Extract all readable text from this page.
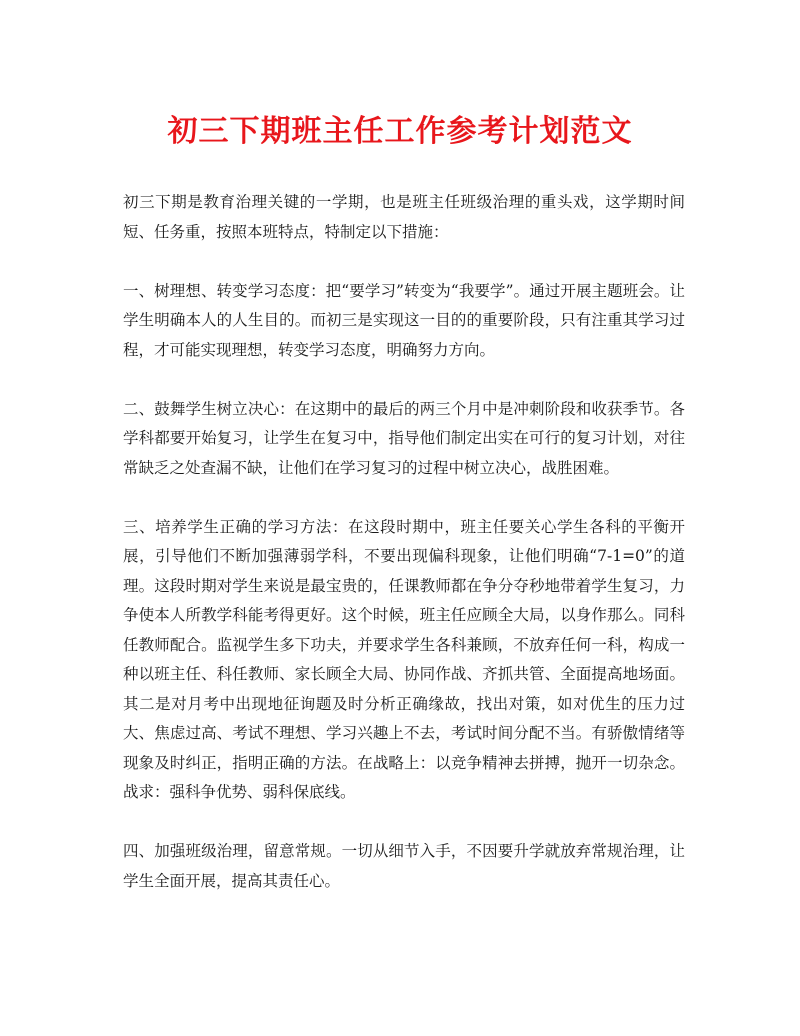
初三下期班主任工作参考计划范文

初三下期是教育治理关键的一学期，也是班主任班级治理的重头戏，这学期时间短、任务重，按照本班特点，特制定以下措施：

一、树理想、转变学习态度：把“要学习”转变为“我要学”。通过开展主题班会。让学生明确本人的人生目的。而初三是实现这一目的的重要阶段，只有注重其学习过程，才可能实现理想，转变学习态度，明确努力方向。

二、鼓舞学生树立决心：在这期中的最后的两三个月中是冲刺阶段和收获季节。各学科都要开始复习，让学生在复习中，指导他们制定出实在可行的复习计划，对往常缺乏之处查漏不缺，让他们在学习复习的过程中树立决心，战胜困难。

三、培养学生正确的学习方法：在这段时期中，班主任要关心学生各科的平衡开展，引导他们不断加强薄弱学科，不要出现偏科现象，让他们明确“7-1=0”的道理。这段时期对学生来说是最宝贵的，任课教师都在争分夺秒地带着学生复习，力争使本人所教学科能考得更好。这个时候，班主任应顾全大局，以身作那么。同科任教师配合。监视学生多下功夫，并要求学生各科兼顾，不放弃任何一科，构成一种以班主任、科任教师、家长顾全大局、协同作战、齐抓共管、全面提高地场面。其二是对月考中出现地征询题及时分析正确缘故，找出对策，如对优生的压力过大、焦虑过高、考试不理想、学习兴趣上不去，考试时间分配不当。有骄傲情绪等现象及时纠正，指明正确的方法。在战略上：以竞争精神去拼搏，抛开一切杂念。战求：强科争优势、弱科保底线。

四、加强班级治理，留意常规。一切从细节入手，不因要升学就放弃常规治理，让学生全面开展，提高其责任心。
